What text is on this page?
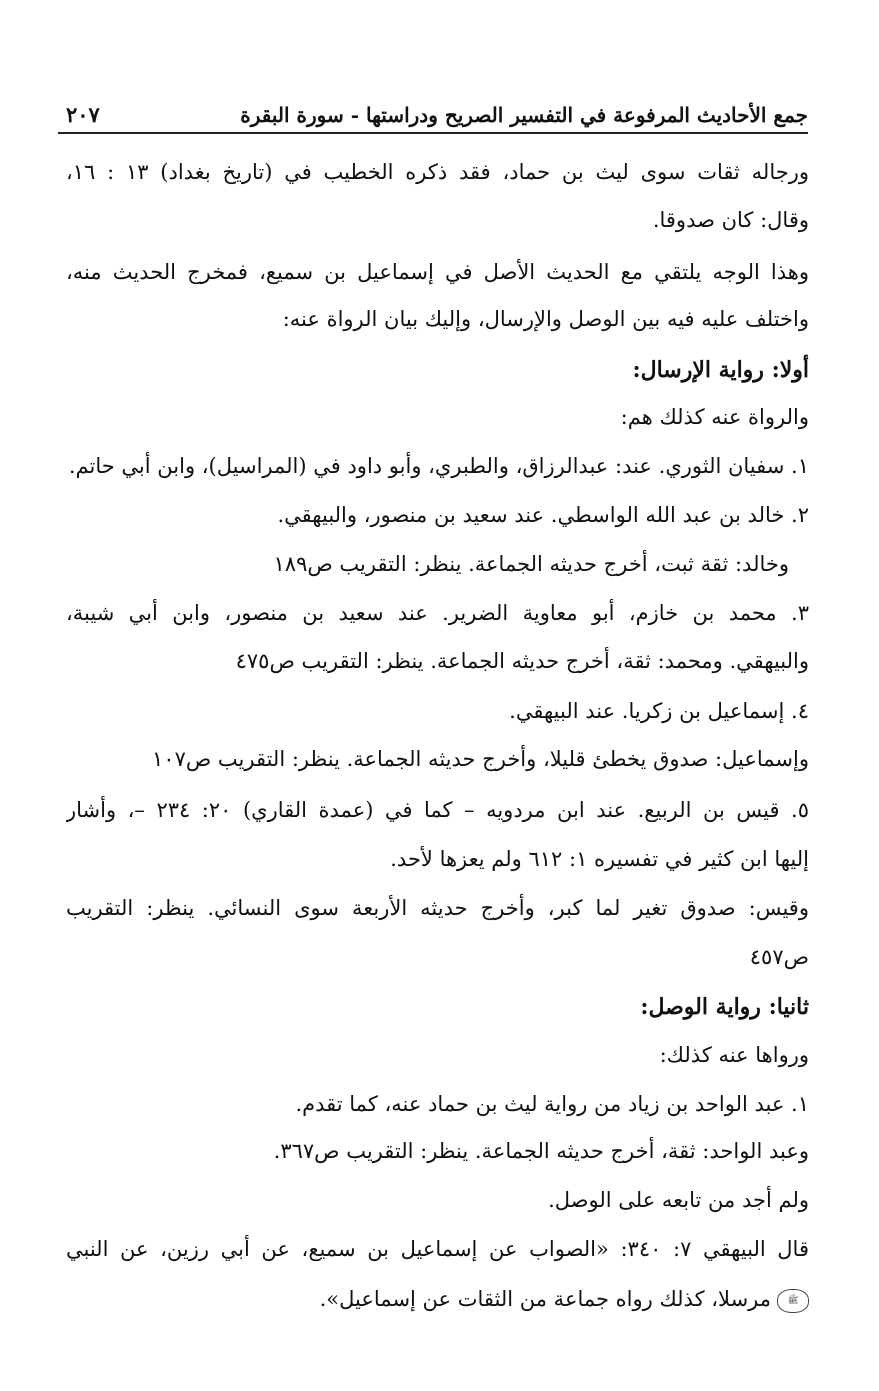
جمع الأحاديث المرفوعة في التفسير الصريح ودراستها - سورة البقرة
٢٠٧
ورجاله ثقات سوى ليث بن حماد، فقد ذكره الخطيب في (تاريخ بغداد) ١٣ : ١٦،
وقال: كان صدوقا.
وهذا الوجه يلتقي مع الحديث الأصل في إسماعيل بن سميع، فمخرج الحديث منه،
واختلف عليه فيه بين الوصل والإرسال، وإليك بيان الرواة عنه:
أولا: رواية الإرسال:
والرواة عنه كذلك هم:
١. سفيان الثوري. عند: عبدالرزاق، والطبري، وأبو داود في (المراسيل)، وابن أبي حاتم.
٢. خالد بن عبد الله الواسطي. عند سعيد بن منصور، والبيهقي.
وخالد: ثقة ثبت، أخرج حديثه الجماعة. ينظر: التقريب ص١٨٩
٣. محمد بن خازم، أبو معاوية الضرير. عند سعيد بن منصور، وابن أبي شيبة،
والبيهقي. ومحمد: ثقة، أخرج حديثه الجماعة. ينظر: التقريب ص٤٧٥
٤. إسماعيل بن زكريا. عند البيهقي.
وإسماعيل: صدوق يخطئ قليلا، وأخرج حديثه الجماعة. ينظر: التقريب ص١٠٧
٥. قيس بن الربيع. عند ابن مردويه – كما في (عمدة القاري) ٢٠: ٢٣٤ –، وأشار
إليها ابن كثير في تفسيره ١: ٦١٢ ولم يعزها لأحد.
وقيس: صدوق تغير لما كبر، وأخرج حديثه الأربعة سوى النسائي. ينظر: التقريب
ص٤٥٧
ثانيا: رواية الوصل:
ورواها عنه كذلك:
١. عبد الواحد بن زياد من رواية ليث بن حماد عنه، كما تقدم.
وعبد الواحد: ثقة، أخرج حديثه الجماعة. ينظر: التقريب ص٣٦٧.
ولم أجد من تابعه على الوصل.
قال البيهقي ٧: ٣٤٠: «الصواب عن إسماعيل بن سميع، عن أبي رزين، عن النبي
ﷺمرسلا، كذلك رواه جماعة من الثقات عن إسماعيل».
